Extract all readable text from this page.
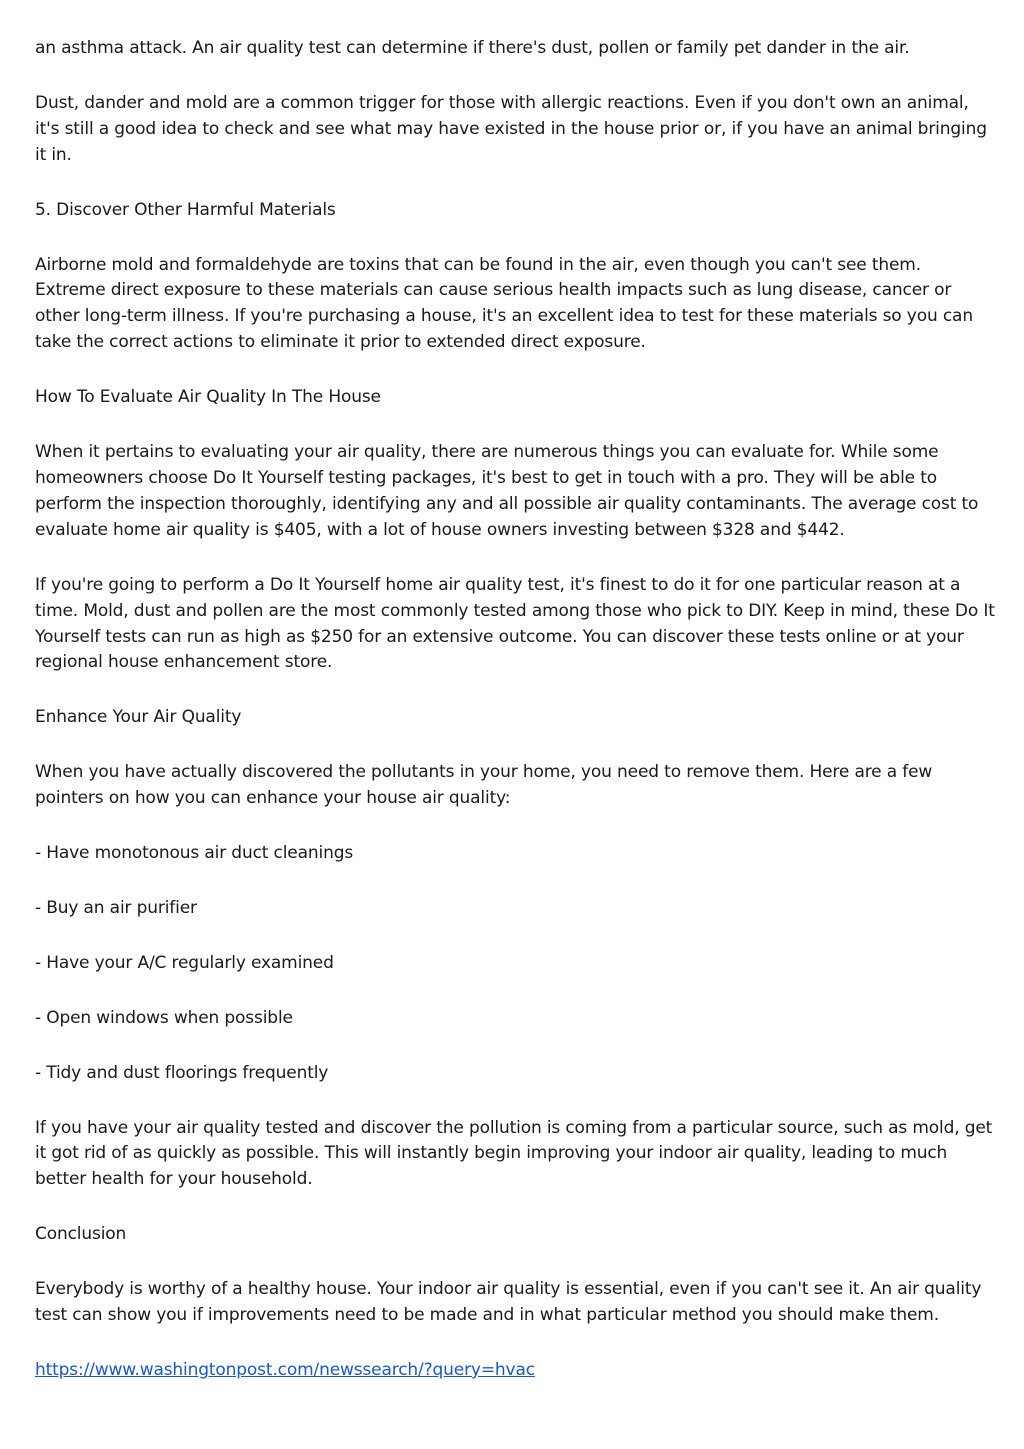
an asthma attack. An air quality test can determine if there's dust, pollen or family pet dander in the air.

Dust, dander and mold are a common trigger for those with allergic reactions. Even if you don't own an animal, it's still a good idea to check and see what may have existed in the house prior or, if you have an animal bringing it in.

5. Discover Other Harmful Materials

Airborne mold and formaldehyde are toxins that can be found in the air, even though you can't see them. Extreme direct exposure to these materials can cause serious health impacts such as lung disease, cancer or other long-term illness. If you're purchasing a house, it's an excellent idea to test for these materials so you can take the correct actions to eliminate it prior to extended direct exposure.

How To Evaluate Air Quality In The House

When it pertains to evaluating your air quality, there are numerous things you can evaluate for. While some homeowners choose Do It Yourself testing packages, it's best to get in touch with a pro. They will be able to perform the inspection thoroughly, identifying any and all possible air quality contaminants. The average cost to evaluate home air quality is $405, with a lot of house owners investing between $328 and $442.

If you're going to perform a Do It Yourself home air quality test, it's finest to do it for one particular reason at a time. Mold, dust and pollen are the most commonly tested among those who pick to DIY. Keep in mind, these Do It Yourself tests can run as high as $250 for an extensive outcome. You can discover these tests online or at your regional house enhancement store.

Enhance Your Air Quality

When you have actually discovered the pollutants in your home, you need to remove them. Here are a few pointers on how you can enhance your house air quality:

- Have monotonous air duct cleanings

- Buy an air purifier

- Have your A/C regularly examined

- Open windows when possible

- Tidy and dust floorings frequently

If you have your air quality tested and discover the pollution is coming from a particular source, such as mold, get it got rid of as quickly as possible. This will instantly begin improving your indoor air quality, leading to much better health for your household.

Conclusion

Everybody is worthy of a healthy house. Your indoor air quality is essential, even if you can't see it. An air quality test can show you if improvements need to be made and in what particular method you should make them.

https://www.washingtonpost.com/newssearch/?query=hvac
